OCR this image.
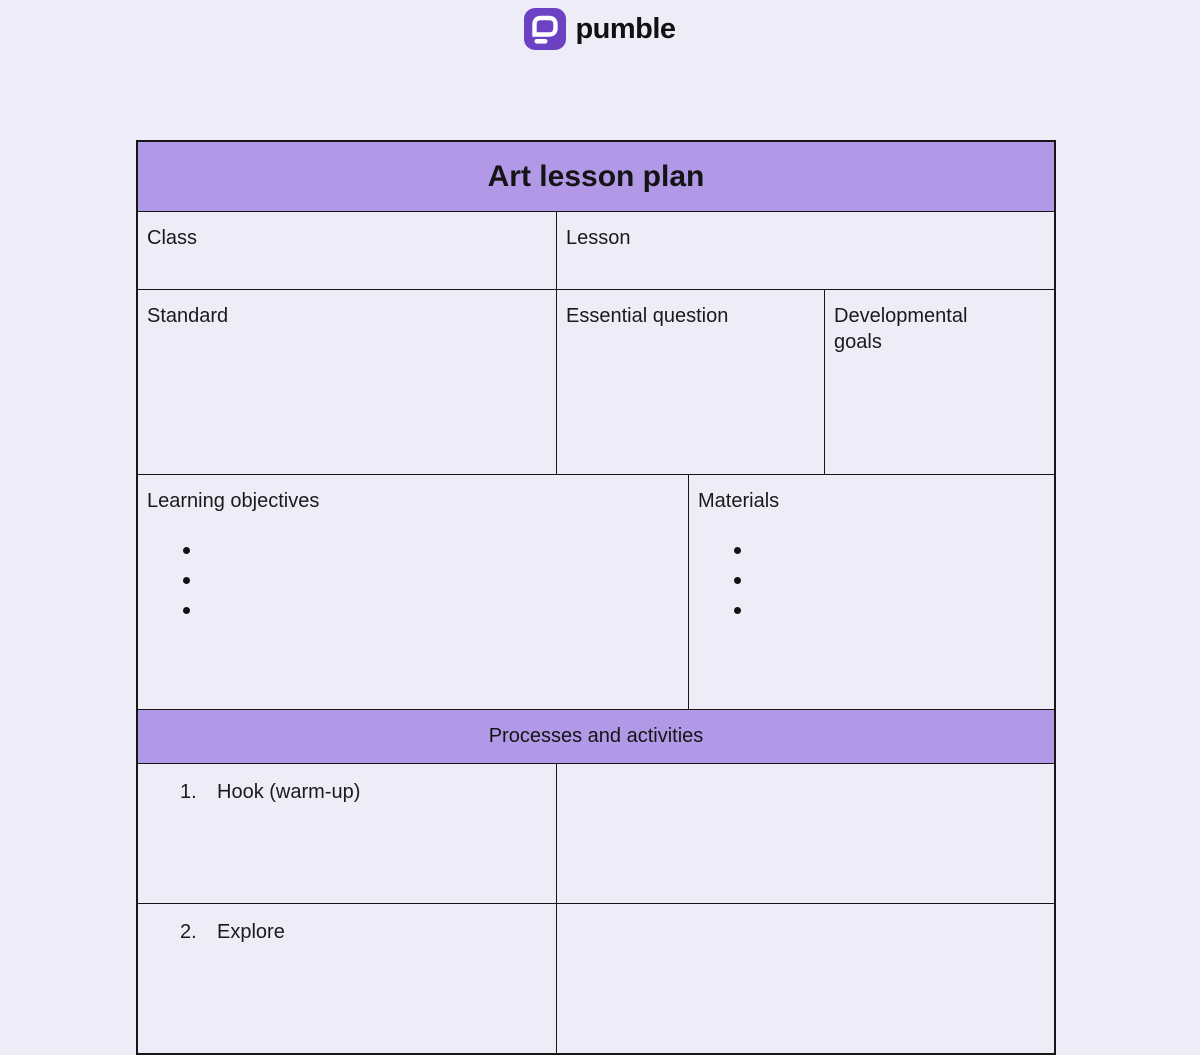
pumble
Art lesson plan
Class	Lesson
Standard	Essential question	Developmental goals
Learning objectives	Materials
Processes and activities
1. Hook (warm-up)
2. Explore
